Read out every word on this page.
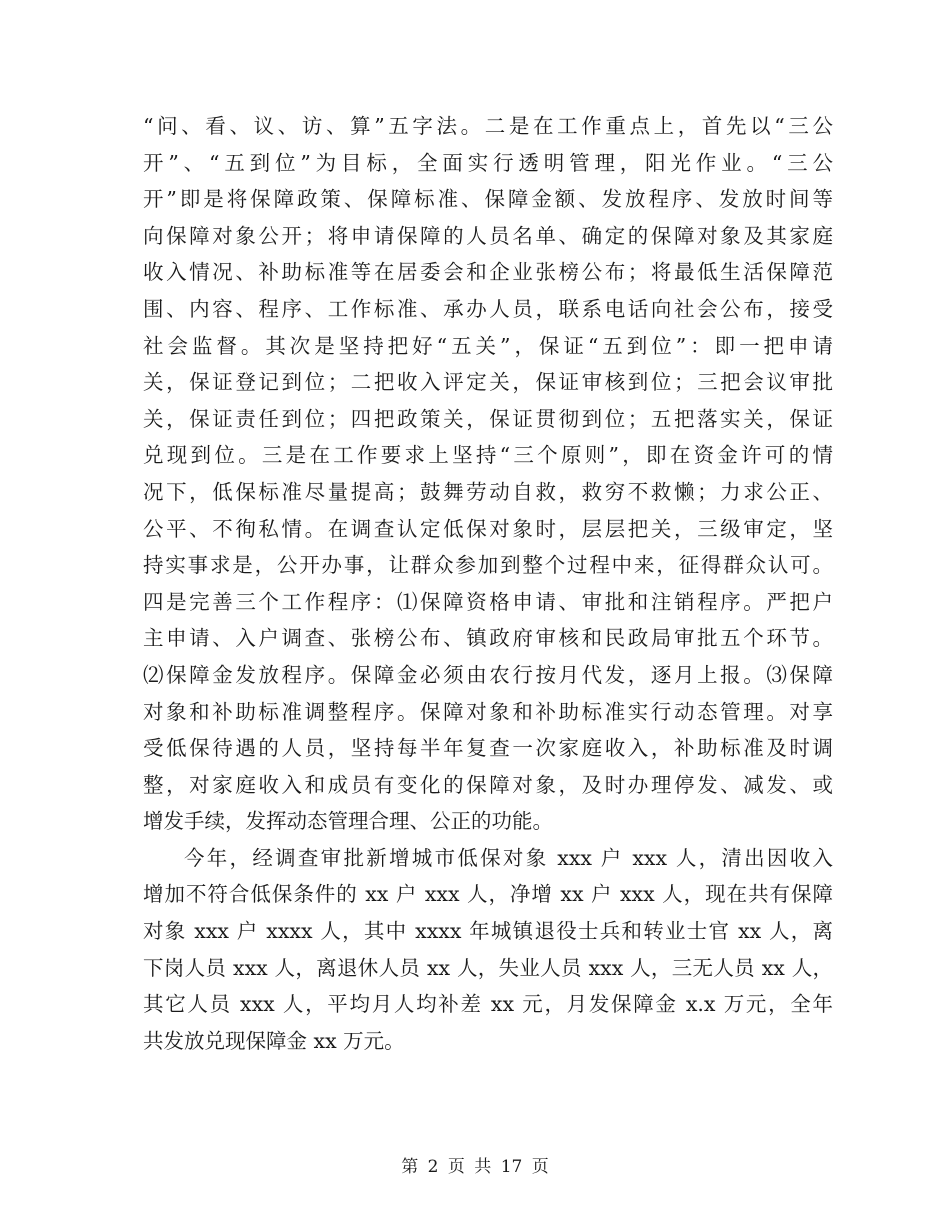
“问、看、议、访、算”五字法。二是在工作重点上，首先以“三公
开”、“五到位”为目标，全面实行透明管理，阳光作业。“三公
开”即是将保障政策、保障标准、保障金额、发放程序、发放时间等
向保障对象公开；将申请保障的人员名单、确定的保障对象及其家庭
收入情况、补助标准等在居委会和企业张榜公布；将最低生活保障范
围、内容、程序、工作标准、承办人员，联系电话向社会公布，接受
社会监督。其次是坚持把好“五关”，保证“五到位”：即一把申请
关，保证登记到位；二把收入评定关，保证审核到位；三把会议审批
关，保证责任到位；四把政策关，保证贯彻到位；五把落实关，保证
兑现到位。三是在工作要求上坚持“三个原则”，即在资金许可的情
况下，低保标准尽量提高；鼓舞劳动自救，救穷不救懒；力求公正、
公平、不徇私情。在调查认定低保对象时，层层把关，三级审定，坚
持实事求是，公开办事，让群众参加到整个过程中来，征得群众认可。
四是完善三个工作程序：⑴保障资格申请、审批和注销程序。严把户
主申请、入户调查、张榜公布、镇政府审核和民政局审批五个环节。
⑵保障金发放程序。保障金必须由农行按月代发，逐月上报。⑶保障
对象和补助标准调整程序。保障对象和补助标准实行动态管理。对享
受低保待遇的人员，坚持每半年复查一次家庭收入，补助标准及时调
整，对家庭收入和成员有变化的保障对象，及时办理停发、减发、或
增发手续，发挥动态管理合理、公正的功能。
今年，经调查审批新增城市低保对象 xxx 户 xxx 人，清出因收入
增加不符合低保条件的 xx 户 xxx 人，净增 xx 户 xxx 人，现在共有保障
对象 xxx 户 xxxx 人，其中 xxxx 年城镇退役士兵和转业士官 xx 人，离
下岗人员 xxx 人，离退休人员 xx 人，失业人员 xxx 人，三无人员 xx 人，
其它人员 xxx 人，平均月人均补差 xx 元，月发保障金 x.x 万元，全年
共发放兑现保障金 xx 万元。
第 2 页 共 17 页
